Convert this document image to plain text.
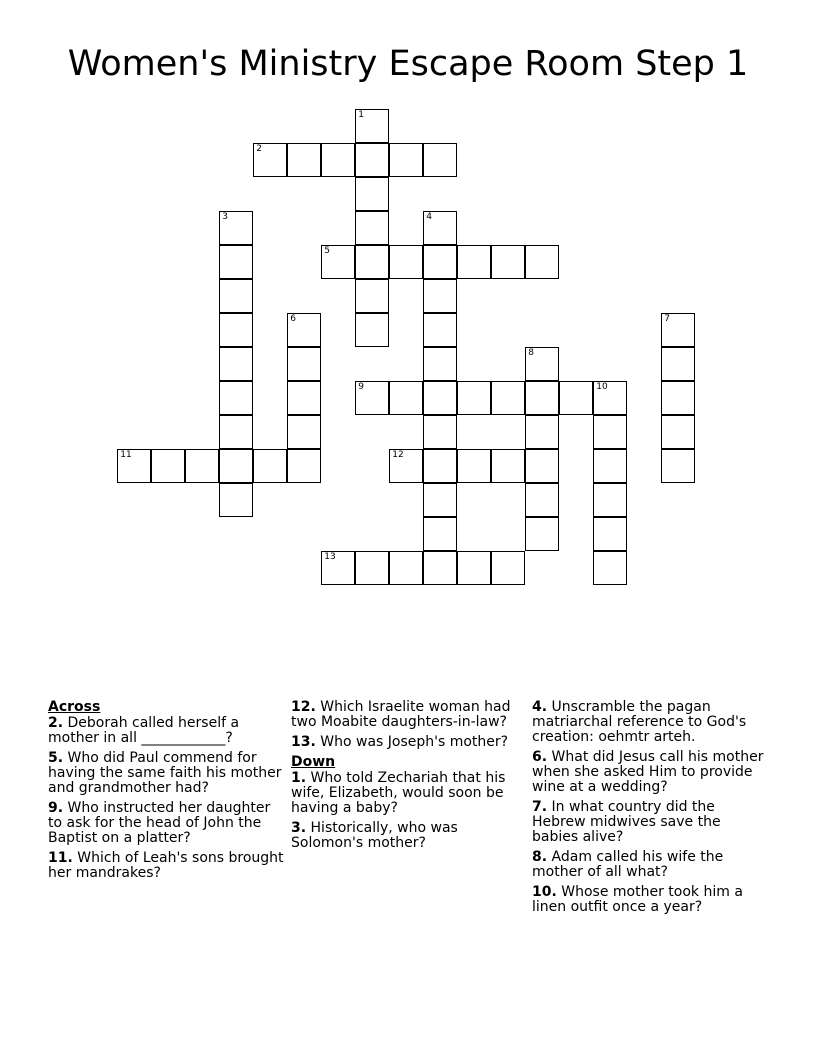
Women's Ministry Escape Room Step 1
2
5
9	10
11	12
13
1
3	4
6	7
8
Across
2. Deborah called herself a mother in all ____________?
5. Who did Paul commend for having the same faith his mother and grandmother had?
9. Who instructed her daughter to ask for the head of John the Baptist on a platter?
11. Which of Leah's sons brought her mandrakes?
12. Which Israelite woman had two Moabite daughters-in-law?
13. Who was Joseph's mother?
Down
1. Who told Zechariah that his wife, Elizabeth, would soon be having a baby?
3. Historically, who was Solomon's mother?
4. Unscramble the pagan matriarchal reference to God's creation: oehmtr arteh.
6. What did Jesus call his mother when she asked Him to provide wine at a wedding?
7. In what country did the Hebrew midwives save the babies alive?
8. Adam called his wife the mother of all what?
10. Whose mother took him a linen outfit once a year?
